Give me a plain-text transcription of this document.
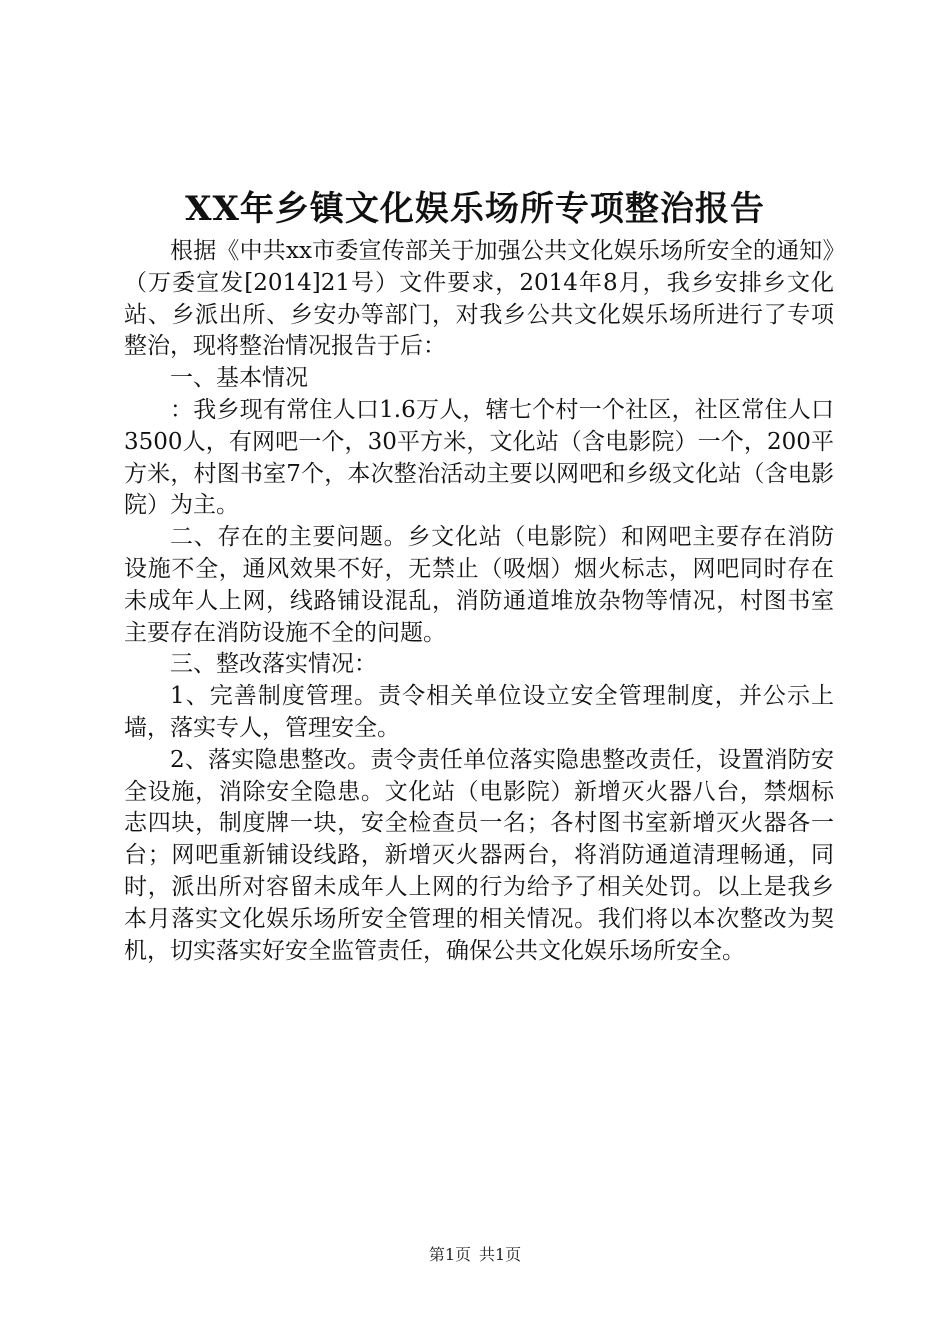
XX年乡镇文化娱乐场所专项整治报告

根据《中共xx市委宣传部关于加强公共文化娱乐场所安全的通知》（万委宣发[2014]21号）文件要求，2014年8月，我乡安排乡文化站、乡派出所、乡安办等部门，对我乡公共文化娱乐场所进行了专项整治，现将整治情况报告于后：

一、基本情况

：我乡现有常住人口1.6万人，辖七个村一个社区，社区常住人口3500人，有网吧一个，30平方米，文化站（含电影院）一个，200平方米，村图书室7个，本次整治活动主要以网吧和乡级文化站（含电影院）为主。

二、存在的主要问题。乡文化站（电影院）和网吧主要存在消防设施不全，通风效果不好，无禁止（吸烟）烟火标志，网吧同时存在未成年人上网，线路铺设混乱，消防通道堆放杂物等情况，村图书室主要存在消防设施不全的问题。

三、整改落实情况：

1、完善制度管理。责令相关单位设立安全管理制度，并公示上墙，落实专人，管理安全。

2、落实隐患整改。责令责任单位落实隐患整改责任，设置消防安全设施，消除安全隐患。文化站（电影院）新增灭火器八台，禁烟标志四块，制度牌一块，安全检查员一名；各村图书室新增灭火器各一台；网吧重新铺设线路，新增灭火器两台，将消防通道清理畅通，同时，派出所对容留未成年人上网的行为给予了相关处罚。以上是我乡本月落实文化娱乐场所安全管理的相关情况。我们将以本次整改为契机，切实落实好安全监管责任，确保公共文化娱乐场所安全。

第1页 共1页
